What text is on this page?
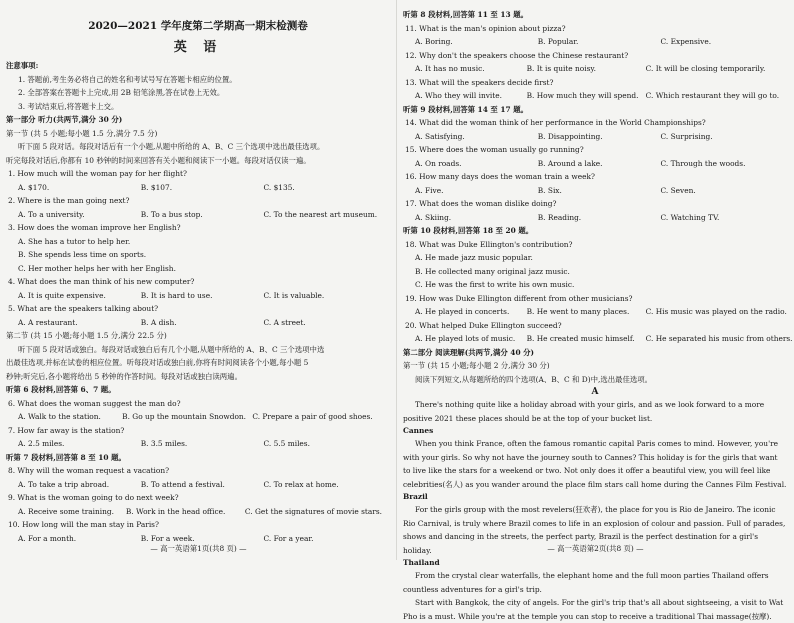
2020—2021 学年度第二学期高一期末检测卷
英 语
注意事项:
1. 答题前,考生务必将自己的姓名和考试号写在答题卡相应的位置。
2. 全部答案在答题卡上完成,用 2B 铅笔涂黑,答在试卷上无效。
3. 考试结束后,将答题卡上交。
第一部分 听力(共两节,满分 30 分)
第一节 (共 5 小题;每小题 1.5 分,满分 7.5 分)
听下面 5 段对话。每段对话后有一个小题,从题中所给的 A、B、C 三个选项中选出最佳选项。
听完每段对话后,你都有 10 秒钟的时间来回答有关小题和阅读下一小题。每段对话仅读一遍。
1. How much will the woman pay for her flight?
A. $170.	B. $107.	C. $135.
2. Where is the man going next?
A. To a university.	B. To a bus stop.	C. To the nearest art museum.
3. How does the woman improve her English?
A. She has a tutor to help her.
B. She spends less time on sports.
C. Her mother helps her with her English.
4. What does the man think of his new computer?
A. It is quite expensive.	B. It is hard to use.	C. It is valuable.
5. What are the speakers talking about?
A. A restaurant.	B. A dish.	C. A street.
第二节 (共 15 小题;每小题 1.5 分,满分 22.5 分)
听下面 5 段对话或独白。每段对话或独白后有几个小题,从题中所给的 A、B、C 三个选项中选
出最佳选项,并标在试卷的相应位置。听每段对话或独白前,你将有时间阅读各个小题,每小题 5
秒钟;听完后,各小题将给出 5 秒钟的作答时间。每段对话或独白读两遍。
听第 6 段材料,回答第 6、7 题。
6. What does the woman suggest the man do?
A. Walk to the station.	B. Go up the mountain Snowdon. C. Prepare a pair of good shoes.
7. How far away is the station?
A. 2.5 miles.	B. 3.5 miles.	C. 5.5 miles.
听第 7 段材料,回答第 8 至 10 题。
8. Why will the woman request a vacation?
A. To take a trip abroad.	B. To attend a festival.	C. To relax at home.
9. What is the woman going to do next week?
A. Receive some training.	B. Work in the head office.	C. Get the signatures of movie stars.
10. How long will the man stay in Paris?
A. For a month.	B. For a week.	C. For a year.
— 高一英语第1页(共8 页) —
听第 8 段材料,回答第 11 至 13 题。
11. What is the man's opinion about pizza?
A. Boring.	B. Popular.	C. Expensive.
12. Why don't the speakers choose the Chinese restaurant?
A. It has no music.	B. It is quite noisy.	C. It will be closing temporarily.
13. What will the speakers decide first?
A. Who they will invite.	B. How much they will spend. C. Which restaurant they will go to.
听第 9 段材料,回答第 14 至 17 题。
14. What did the woman think of her performance in the World Championships?
A. Satisfying.	B. Disappointing.	C. Surprising.
15. Where does the woman usually go running?
A. On roads.	B. Around a lake.	C. Through the woods.
16. How many days does the woman train a week?
A. Five.	B. Six.	C. Seven.
17. What does the woman dislike doing?
A. Skiing.	B. Reading.	C. Watching TV.
听第 10 段材料,回答第 18 至 20 题。
18. What was Duke Ellington's contribution?
A. He made jazz music popular.
B. He collected many original jazz music.
C. He was the first to write his own music.
19. How was Duke Ellington different from other musicians?
A. He played in concerts.	B. He went to many places.	C. His music was played on the radio.
20. What helped Duke Ellington succeed?
A. He played lots of music.	B. He created music himself.	C. He separated his music from others.
第二部分 阅读理解(共两节,满分 40 分)
第一节 (共 15 小题;每小题 2 分,满分 30 分)
阅读下列短文,从每题所给的四个选项(A、B、C 和 D)中,选出最佳选项。
A
There's nothing quite like a holiday abroad with your girls, and as we look forward to a more positive 2021 these places should be at the top of your bucket list.
Cannes
When you think France, often the famous romantic capital Paris comes to mind. However, you're with your girls. So why not have the journey south to Cannes? This holiday is for the girls that want to live like the stars for a weekend or two. Not only does it offer a beautiful view, you will feel like celebrities(名人) as you wander around the place film stars call home during the Cannes Film Festival.
Brazil
For the girls group with the most revelers(狂欢者), the place for you is Rio de Janeiro. The iconic Rio Carnival, is truly where Brazil comes to life in an explosion of colour and passion. Full of parades, shows and dancing in the streets, the perfect party, Brazil is the perfect destination for a girl's holiday.
Thailand
From the crystal clear waterfalls, the elephant home and the full moon parties Thailand offers countless adventures for a girl's trip.
Start with Bangkok, the city of angels. For the girl's trip that's all about sightseeing, a visit to Wat Pho is a must. While you're at the temple you can stop to receive a traditional Thai massage(按摩).
— 高一英语第2页(共8 页) —
